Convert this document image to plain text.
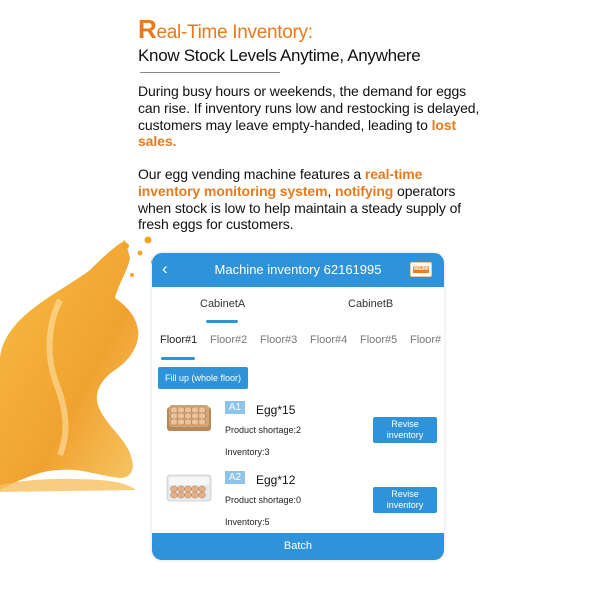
Real-Time Inventory:
Know Stock Levels Anytime, Anywhere

During busy hours or weekends, the demand for eggs can rise. If inventory runs low and restocking is delayed, customers may leave empty-handed, leading to lost sales.

Our egg vending machine features a real-time inventory monitoring system, notifying operators when stock is low to help maintain a steady supply of fresh eggs for customers.

‹	Machine inventory 62161995	WEIMI
CabinetA	CabinetB
Floor#1 Floor#2 Floor#3 Floor#4 Floor#5 Floor#
Fill up (whole floor)
A1	Egg*15
Product shortage:2
Inventory:3
Revise inventory
A2	Egg*12
Product shortage:0
Inventory:5
Revise inventory
Batch
